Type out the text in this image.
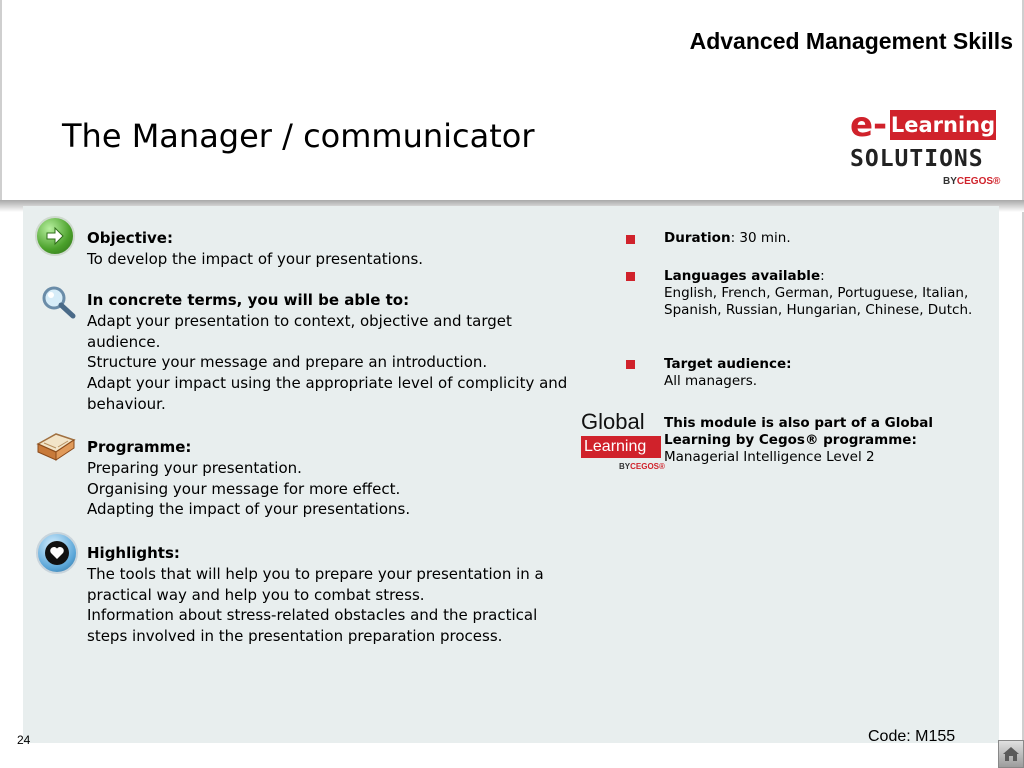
Advanced Management Skills
The Manager / communicator	e- Learning
SOLUTIONS
BYCEGOS®
Objective:
To develop the impact of your presentations.
In concrete terms, you will be able to:
Adapt your presentation to context, objective and target audience.
Structure your message and prepare an introduction.
Adapt your impact using the appropriate level of complicity and behaviour.
Programme:
Preparing your presentation.
Organising your message for more effect.
Adapting the impact of your presentations.
Highlights:
The tools that will help you to prepare your presentation in a practical way and help you to combat stress.
Information about stress-related obstacles and the practical steps involved in the presentation preparation process.
Duration: 30 min.
Languages available:
English, French, German, Portuguese, Italian, Spanish, Russian, Hungarian, Chinese, Dutch.
Target audience:
All managers.
Global
Learning
BYCEGOS®
This module is also part of a Global Learning by Cegos® programme:
Managerial Intelligence Level 2
24	Code: M155
